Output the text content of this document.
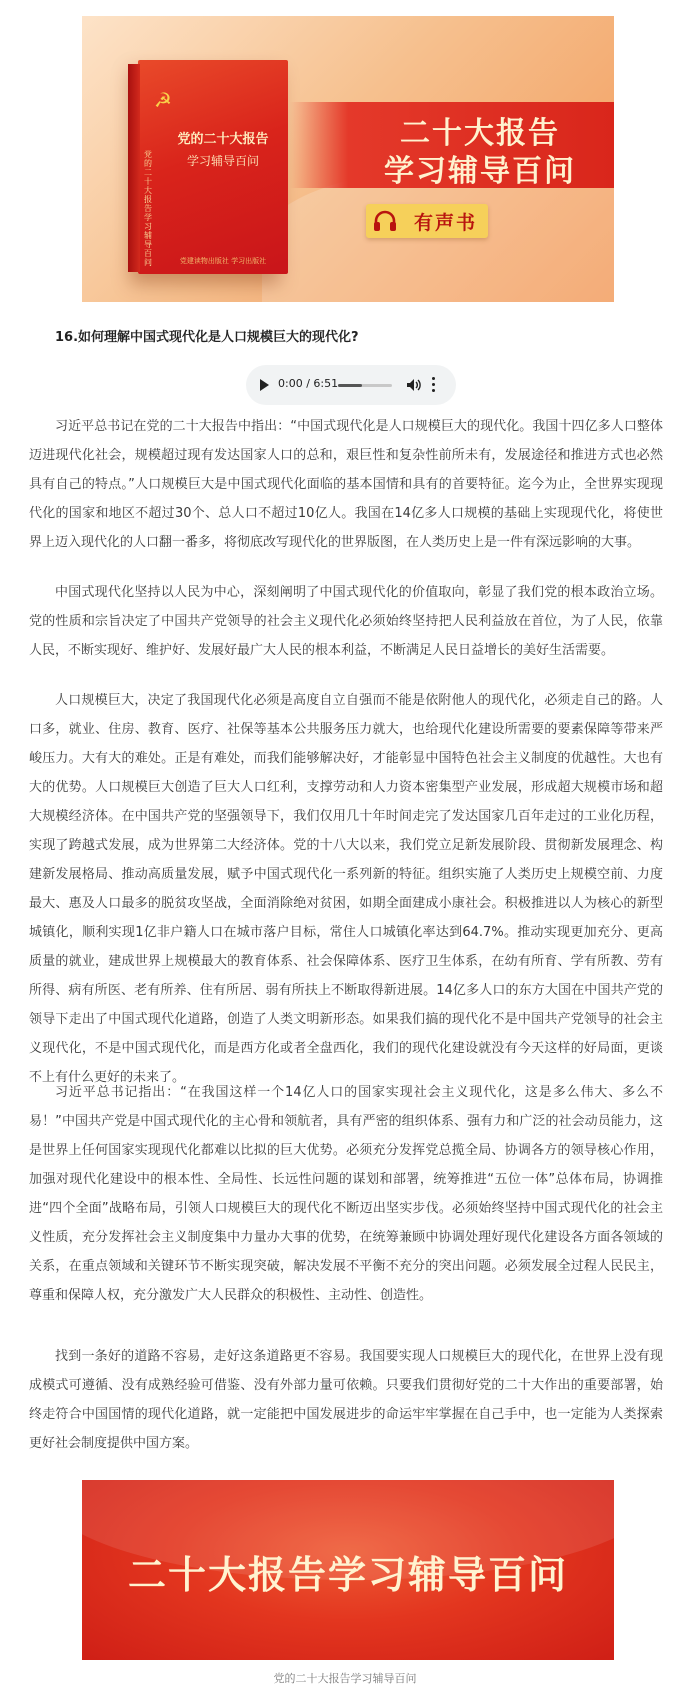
☭
党的二十大报告学习辅导百问
党的二十大报告
学习辅导百问
党建读物出版社 学习出版社
二十大报告
学习辅导百问
有声书
16.如何理解中国式现代化是人口规模巨大的现代化?
0:00 / 6:51

习近平总书记在党的二十大报告中指出：“中国式现代化是人口规模巨大的现代化。我国十四亿多人口整体迈进现代化社会，规模超过现有发达国家人口的总和，艰巨性和复杂性前所未有，发展途径和推进方式也必然具有自己的特点。”人口规模巨大是中国式现代化面临的基本国情和具有的首要特征。迄今为止，全世界实现现代化的国家和地区不超过30个、总人口不超过10亿人。我国在14亿多人口规模的基础上实现现代化，将使世界上迈入现代化的人口翻一番多，将彻底改写现代化的世界版图，在人类历史上是一件有深远影响的大事。

中国式现代化坚持以人民为中心，深刻阐明了中国式现代化的价值取向，彰显了我们党的根本政治立场。党的性质和宗旨决定了中国共产党领导的社会主义现代化必须始终坚持把人民利益放在首位，为了人民，依靠人民，不断实现好、维护好、发展好最广大人民的根本利益，不断满足人民日益增长的美好生活需要。

人口规模巨大，决定了我国现代化必须是高度自立自强而不能是依附他人的现代化，必须走自己的路。人口多，就业、住房、教育、医疗、社保等基本公共服务压力就大，也给现代化建设所需要的要素保障等带来严峻压力。大有大的难处。正是有难处，而我们能够解决好，才能彰显中国特色社会主义制度的优越性。大也有大的优势。人口规模巨大创造了巨大人口红利，支撑劳动和人力资本密集型产业发展，形成超大规模市场和超大规模经济体。在中国共产党的坚强领导下，我们仅用几十年时间走完了发达国家几百年走过的工业化历程，实现了跨越式发展，成为世界第二大经济体。党的十八大以来，我们党立足新发展阶段、贯彻新发展理念、构建新发展格局、推动高质量发展，赋予中国式现代化一系列新的特征。组织实施了人类历史上规模空前、力度最大、惠及人口最多的脱贫攻坚战，全面消除绝对贫困，如期全面建成小康社会。积极推进以人为核心的新型城镇化，顺利实现1亿非户籍人口在城市落户目标，常住人口城镇化率达到64.7%。推动实现更加充分、更高质量的就业，建成世界上规模最大的教育体系、社会保障体系、医疗卫生体系，在幼有所育、学有所教、劳有所得、病有所医、老有所养、住有所居、弱有所扶上不断取得新进展。14亿多人口的东方大国在中国共产党的领导下走出了中国式现代化道路，创造了人类文明新形态。如果我们搞的现代化不是中国共产党领导的社会主义现代化，不是中国式现代化，而是西方化或者全盘西化，我们的现代化建设就没有今天这样的好局面，更谈不上有什么更好的未来了。

习近平总书记指出：“在我国这样一个14亿人口的国家实现社会主义现代化，这是多么伟大、多么不易！”中国共产党是中国式现代化的主心骨和领航者，具有严密的组织体系、强有力和广泛的社会动员能力，这是世界上任何国家实现现代化都难以比拟的巨大优势。必须充分发挥党总揽全局、协调各方的领导核心作用，加强对现代化建设中的根本性、全局性、长远性问题的谋划和部署，统筹推进“五位一体”总体布局，协调推进“四个全面”战略布局，引领人口规模巨大的现代化不断迈出坚实步伐。必须始终坚持中国式现代化的社会主义性质，充分发挥社会主义制度集中力量办大事的优势，在统筹兼顾中协调处理好现代化建设各方面各领域的关系，在重点领域和关键环节不断实现突破，解决发展不平衡不充分的突出问题。必须发展全过程人民民主，尊重和保障人权，充分激发广大人民群众的积极性、主动性、创造性。

找到一条好的道路不容易，走好这条道路更不容易。我国要实现人口规模巨大的现代化，在世界上没有现成模式可遵循、没有成熟经验可借鉴、没有外部力量可依赖。只要我们贯彻好党的二十大作出的重要部署，始终走符合中国国情的现代化道路，就一定能把中国发展进步的命运牢牢掌握在自己手中，也一定能为人类探索更好社会制度提供中国方案。

二十大报告学习辅导百问
党的二十大报告学习辅导百问
